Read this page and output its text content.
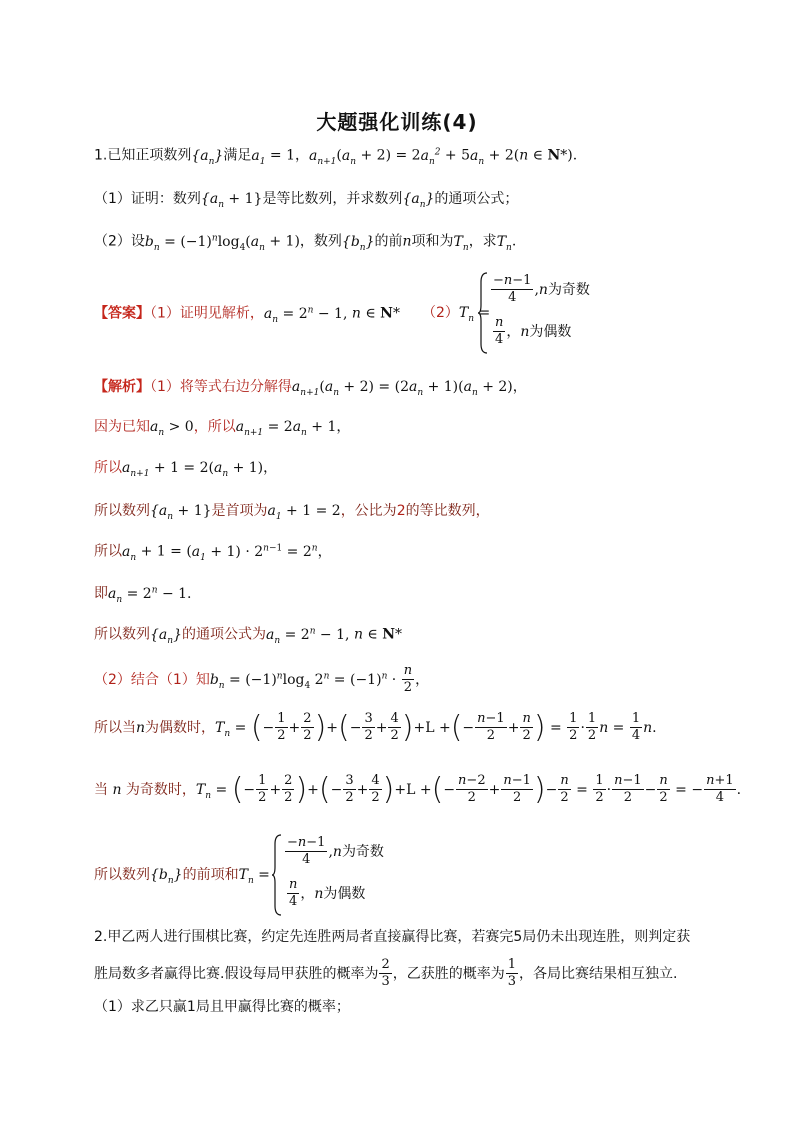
大题强化训练(4)
1.已知正项数列$\{a_n\}$满足$a_1 = 1$，$a_{n+1}(a_n + 2) = 2a_n^2 + 5a_n + 2(n$ ∈ N*).
（1）证明：数列$\{a_n + 1\}$是等比数列，并求数列$\{a_n\}$的通项公式；
（2）设$b_n = (-1)^n\log_4(a_n + 1)$，数列$\{b_n\}$的前n项和为$T_n$，求$T_n$.
【答案】（1）证明见解析，$a_n = 2^n - 1$, n ∈ N* $(2)T_n$ =
$\frac{-n-1}{4} ,n$为奇数
$\frac{n}{4}$ ，n为偶数
【解析】（1）将等式右边分解得$a_{n+1}(a_n + 2) = (2a_n + 1)(a_n + 2)$，
因为已知$a_n > 0$，所以$a_{n+1} = 2a_n + 1$，
所以$a_{n+1} + 1 = 2(a_n + 1)$，
所以数列$\{a_n + 1\}$是首项为$a_1 + 1 = 2$，公比为2的等比数列，
所以$a_n + 1 = (a_1 + 1) \cdot 2^{n-1} = 2^n$，
即$a_n = 2^n - 1$.
所以数列$\{a_n\}$的通项公式为$a_n = 2^n - 1$, n ∈ N*
（2）结合（1）知$b_n = (-1)^n\log_4$ $2^n = (-1)^n \cdot \frac{n}{2}$ ，
所以当n为偶数时，$T_n$ = (− $\frac{1}{2} + \frac{2}{2}$ )+(− $\frac{3}{2} + \frac{4}{2} )+L$ +(− $\frac{n-1}{2} + \frac{n}{2}$ ) = $\frac{1}{2} \cdot \frac{1}{2}$ $n = \frac{1}{4} n$.
当 n 为奇数时，$T_n$ = (− $\frac{1}{2} + \frac{2}{2}$ )+(− $\frac{3}{2} + \frac{4}{2} )+L$ +(− $\frac{n-2}{2} + \frac{n-1}{2}$ )− $\frac{n}{2} = \frac{1}{2} \cdot \frac{n-1}{2} - \frac{n}{2}$ = − $\frac{n+1}{4}$ .
所以数列$\{b_n\}$的前项和$T_n$ =
$\frac{-n-1}{4} ,n$为奇数
$\frac{n}{4}$ ，n为偶数
2.甲乙两人进行围棋比赛，约定先连胜两局者直接赢得比赛，若赛完5局仍未出现连胜，则判定获
胜局数多者赢得比赛.假设每局甲获胜的概率为 $\frac{2}{3}$ ，乙获胜的概率为 $\frac{1}{3}$ ，各局比赛结果相互独立.
（1）求乙只赢1局且甲赢得比赛的概率；
